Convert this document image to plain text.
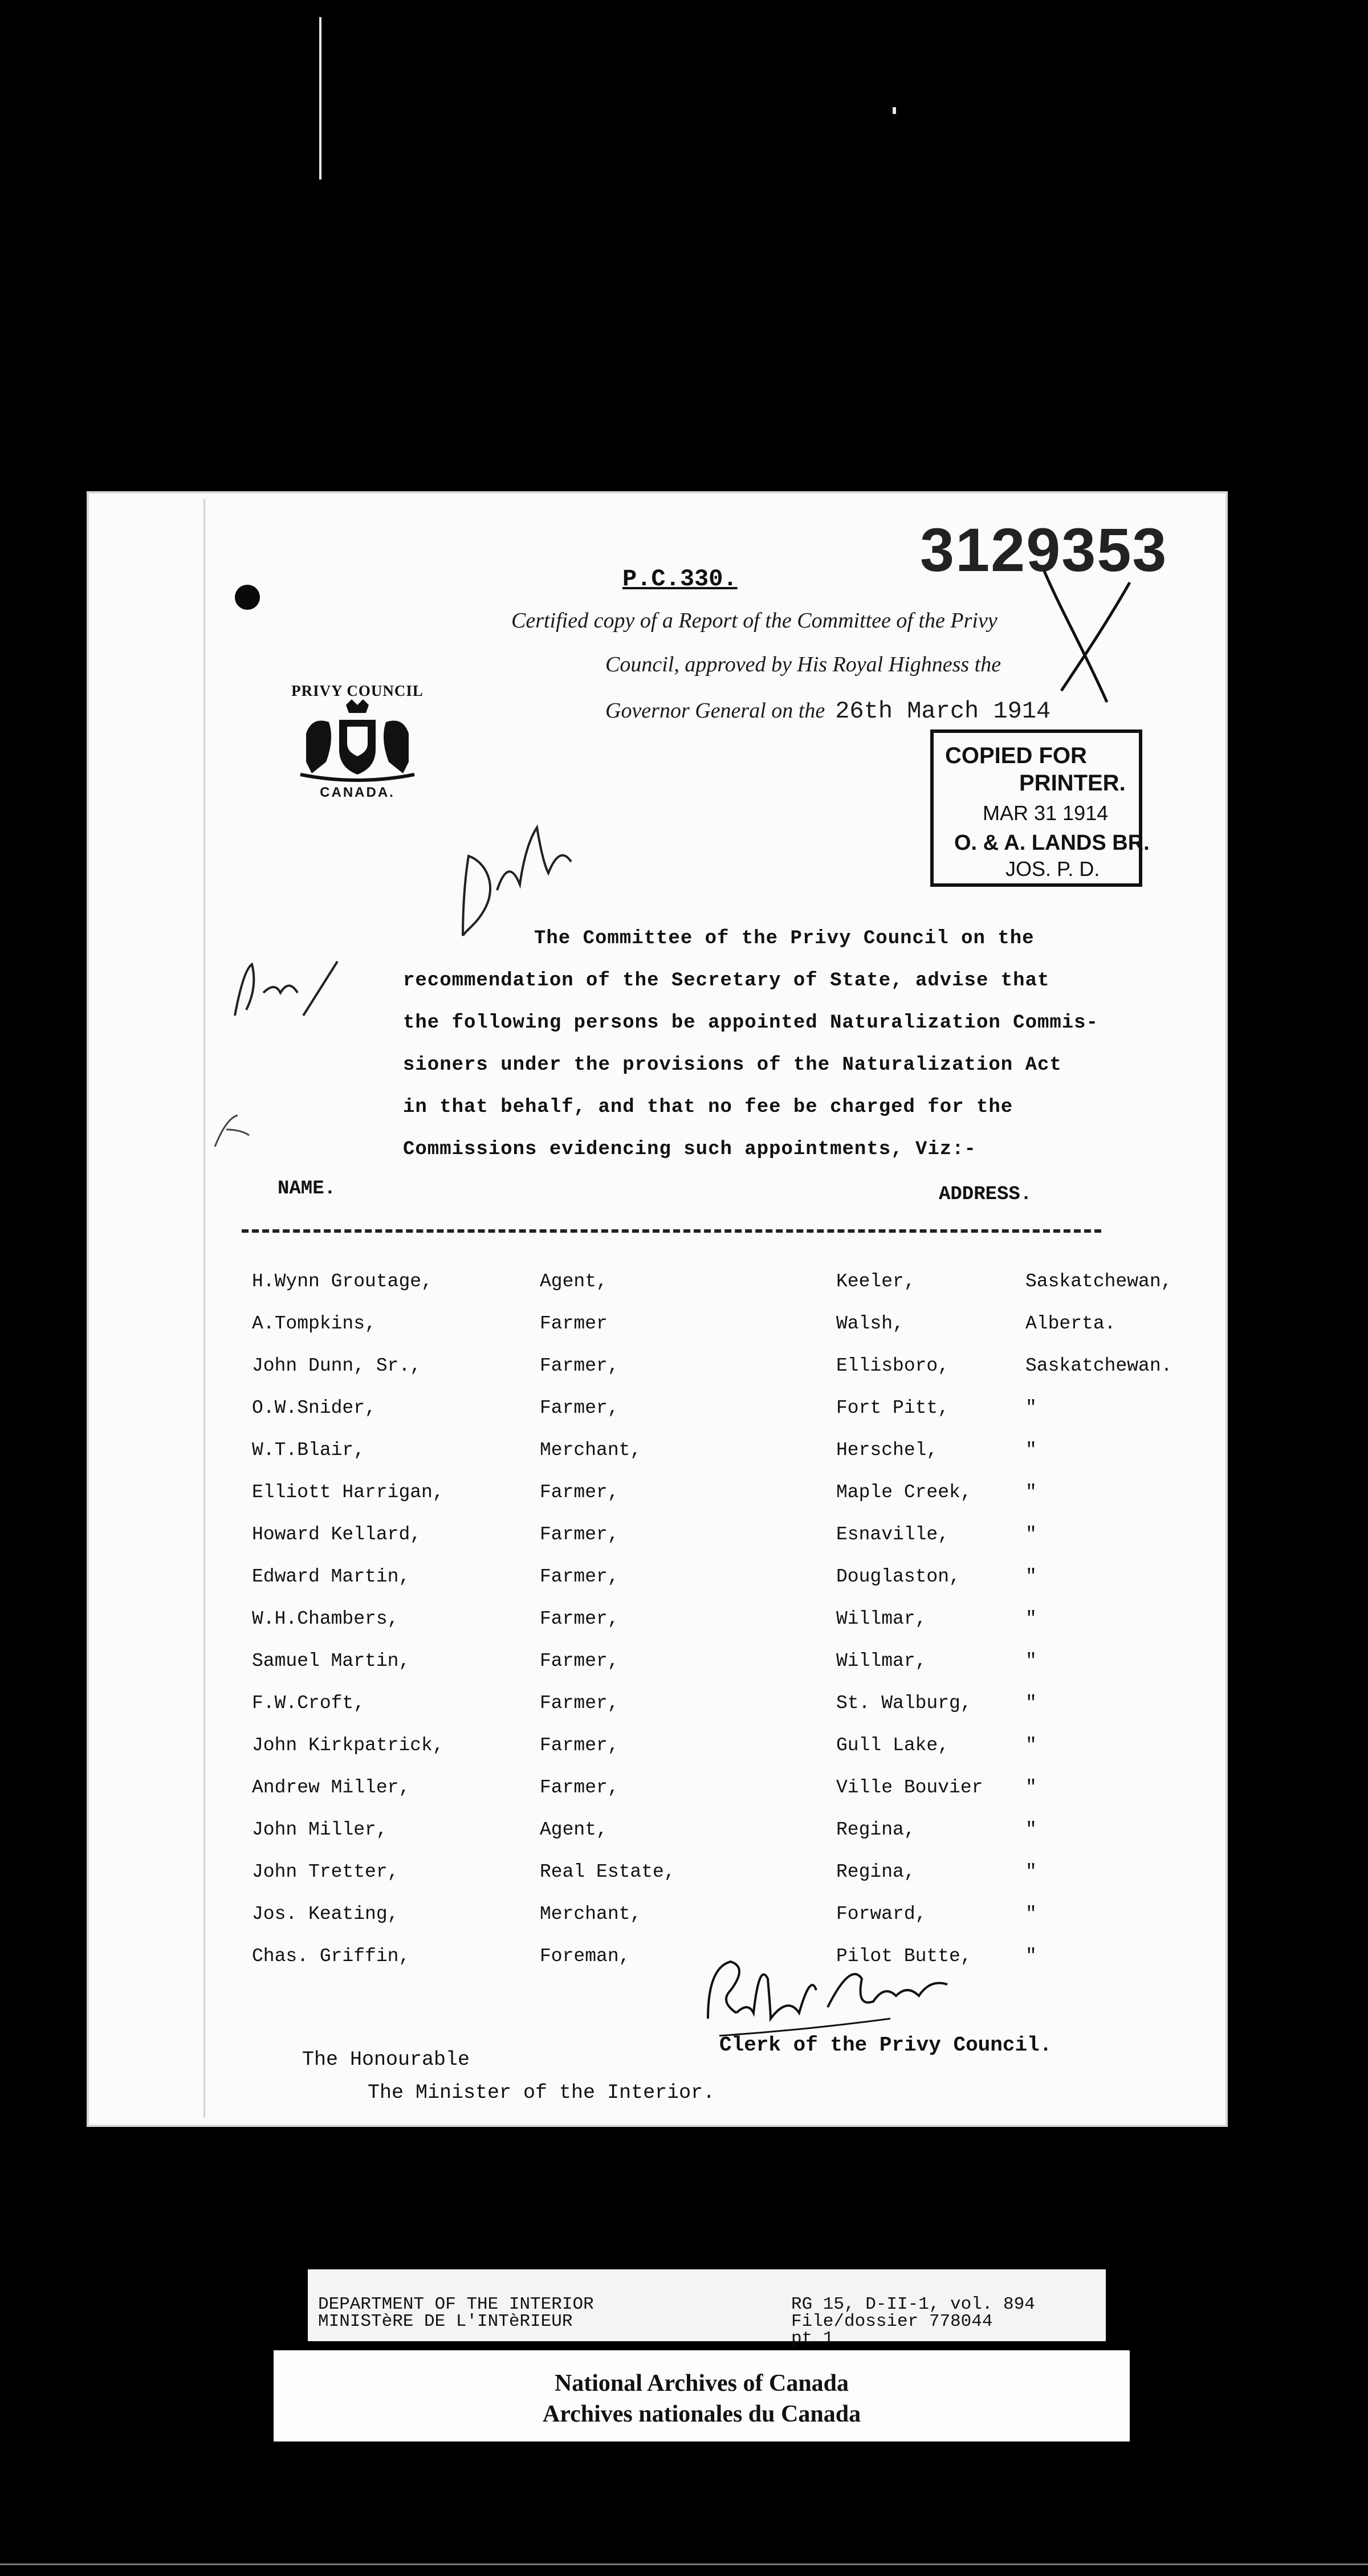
3129353
P.C.330.
Certified copy of a Report of the Committee of the Privy
Council, approved by His Royal Highness the
Governor General on the 26th March 1914
PRIVY COUNCIL
CANADA.
COPIED FOR
PRINTER.
MAR 31 1914
O. & A. LANDS BR.
JOS. P. D.

The Committee of the Privy Council on the

recommendation of the Secretary of State, advise that

the following persons be appointed Naturalization Commis-

sioners under the provisions of the Naturalization Act

in that behalf, and that no fee be charged for the

Commissions evidencing such appointments, Viz:-

NAME.	ADDRESS.
H.Wynn Groutage,	Agent,	Keeler,	Saskatchewan,
A.Tompkins,	Farmer	Walsh,	Alberta.
John Dunn, Sr.,	Farmer,	Ellisboro,	Saskatchewan.
O.W.Snider,	Farmer,	Fort Pitt,	"
W.T.Blair,	Merchant,	Herschel,	"
Elliott Harrigan,	Farmer,	Maple Creek,	"
Howard Kellard,	Farmer,	Esnaville,	"
Edward Martin,	Farmer,	Douglaston,	"
W.H.Chambers,	Farmer,	Willmar,	"
Samuel Martin,	Farmer,	Willmar,	"
F.W.Croft,	Farmer,	St. Walburg,	"
John Kirkpatrick,	Farmer,	Gull Lake,	"
Andrew Miller,	Farmer,	Ville Bouvier "
John Miller,	Agent,	Regina,	"
John Tretter,	Real Estate,	Regina,	"
Jos. Keating,	Merchant,	Forward,	"
Chas. Griffin,	Foreman,	Pilot Butte,	"
Clerk of the Privy Council.
The Honourable
The Minister of the Interior.
DEPARTMENT OF THE INTERIOR
MINISTèRE DE L'INTèRIEUR
RG 15, D-II-1, vol. 894
File/dossier 778044
pt 1
National Archives of Canada
Archives nationales du Canada
